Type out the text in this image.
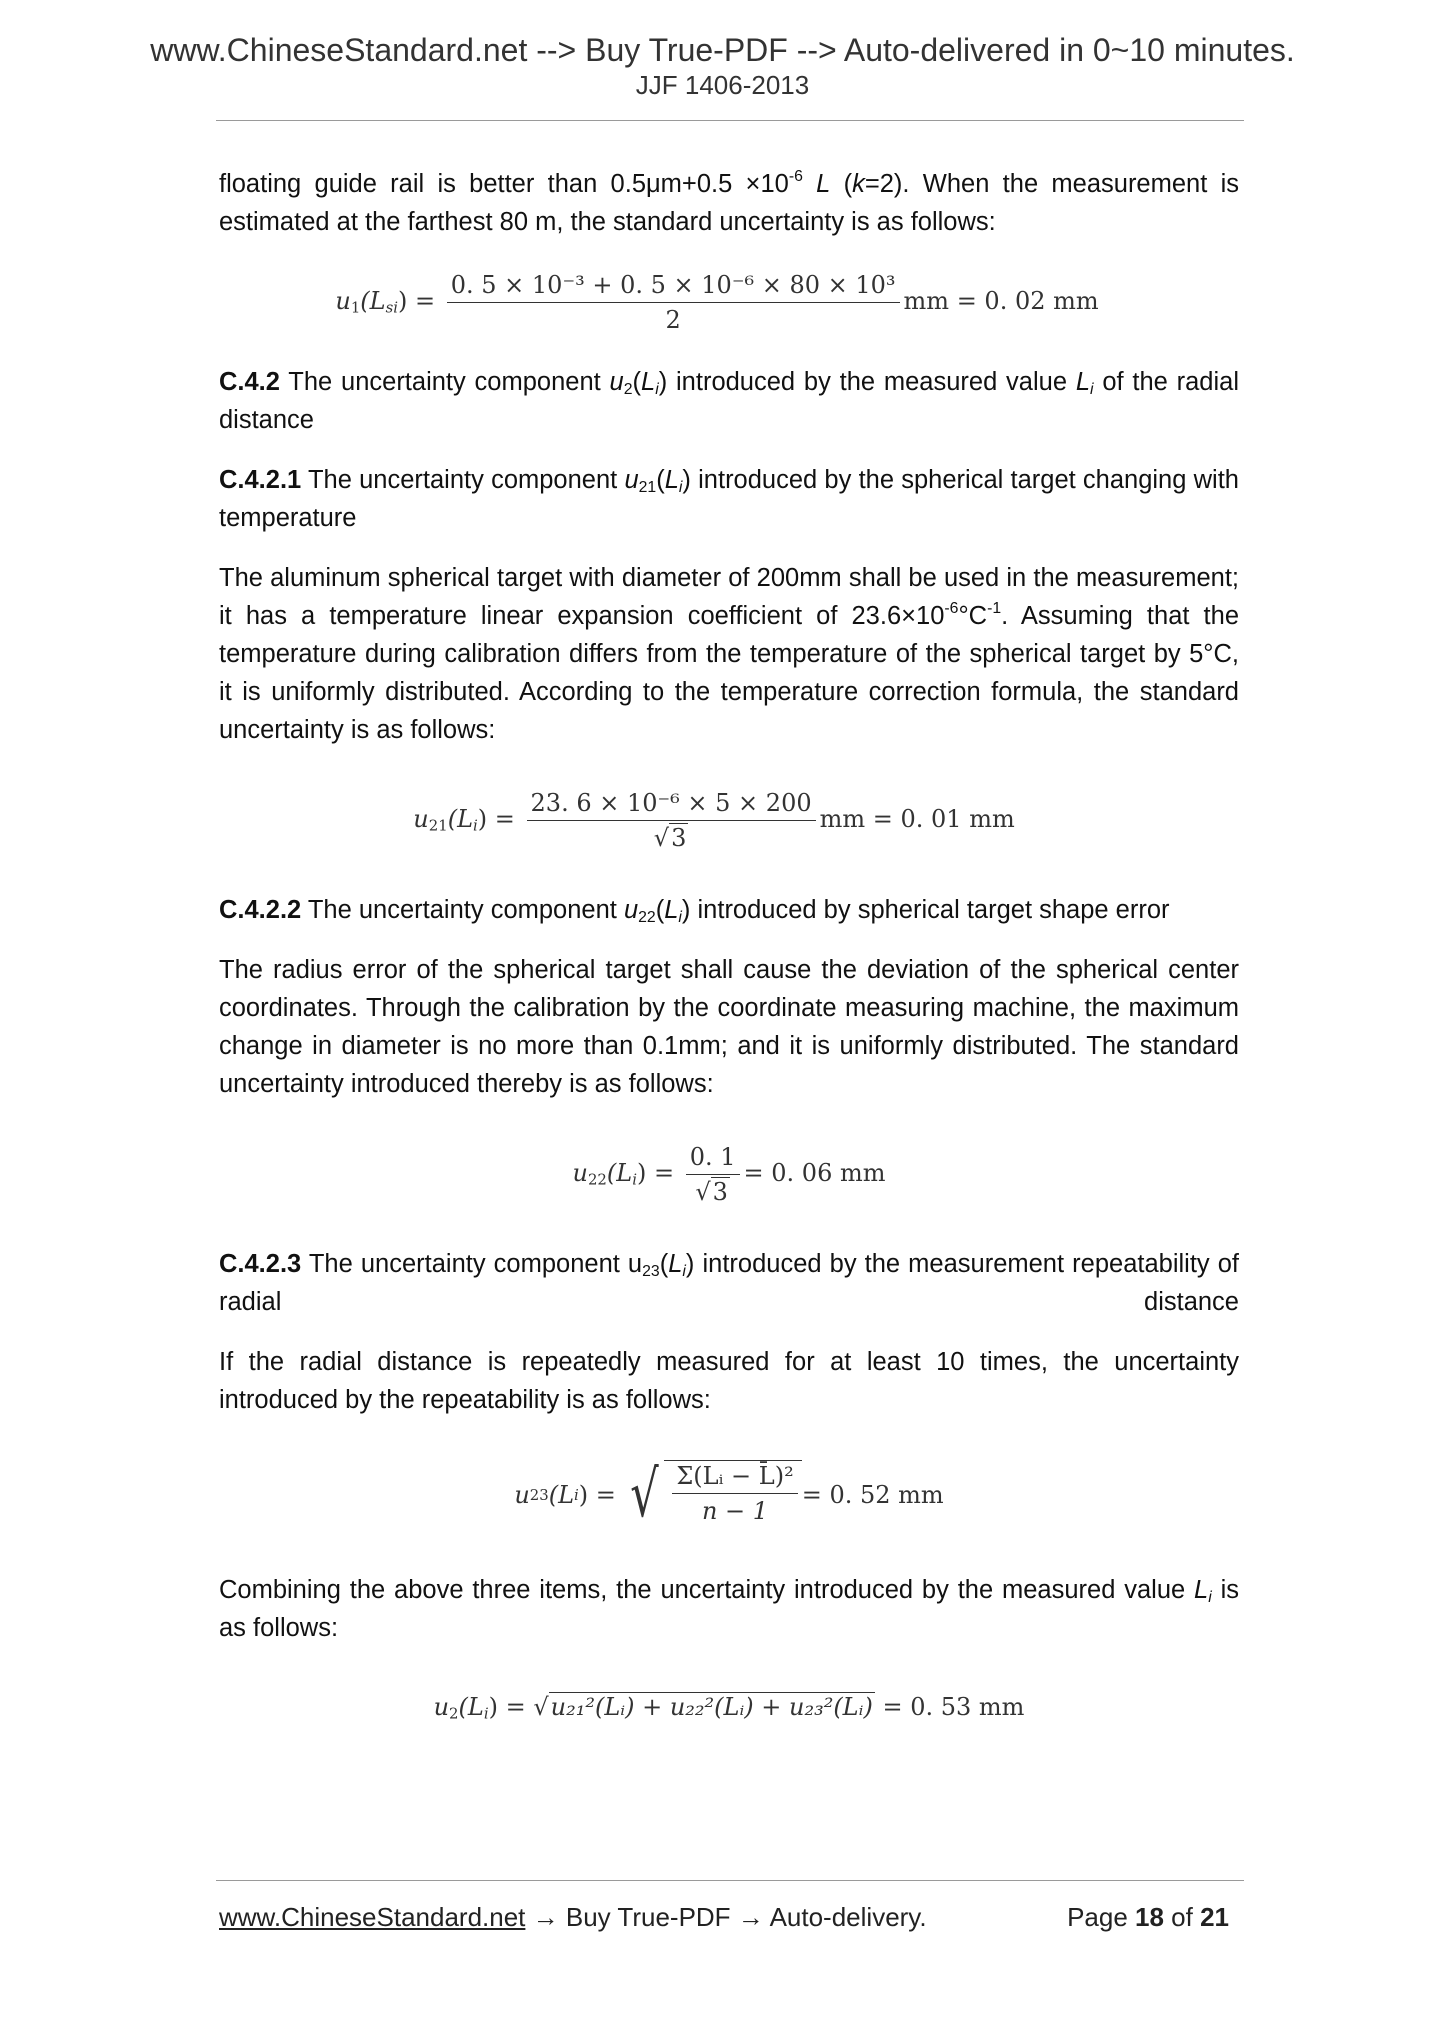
www.ChineseStandard.net --> Buy True-PDF --> Auto-delivered in 0~10 minutes.
JJF 1406-2013

floating guide rail is better than $0.5\mu m+0.5 \times 10^{-6}$ L (k=2). When the measurement is estimated at the farthest 80 m, the standard uncertainty is as follows:

$u_1(L_{si}) = \frac{\text{0. 5 × 10⁻³ + 0. 5 × 10⁻⁶ × 80 × 10³}}{2}$ mm = 0. 02 mm

C.4.2 The uncertainty component $u_2(L_i)$ introduced by the measured value $L_i$ of the radial distance

C.4.2.1 The uncertainty component $u_{21}(L_i)$ introduced by the spherical target changing with temperature

The aluminum spherical target with diameter of 200mm shall be used in the measurement; it has a temperature linear expansion coefficient of $23.6\times 10^{-6}^\circ C^{-1}$. Assuming that the temperature during calibration differs from the temperature of the spherical target by 5°C, it is uniformly distributed. According to the temperature correction formula, the standard uncertainty is as follows:

$u_{21}(L_i) = \frac{\text{23. 6 × 10⁻⁶ × 5 × 200}}{√3}$ mm = 0. 01 mm

C.4.2.2 The uncertainty component $u_{22}(L_i)$ introduced by spherical target shape error

The radius error of the spherical target shall cause the deviation of the spherical center coordinates. Through the calibration by the coordinate measuring machine, the maximum change in diameter is no more than 0.1mm; and it is uniformly distributed. The standard uncertainty introduced thereby is as follows:

$u_{22}(L_i) = \frac{0. 1}{√3} = 0$. 06 mm

C.4.2.3 The uncertainty component $u_{23}(L_i)$ introduced by the measurement repeatability of radial distance

If the radial distance is repeatedly measured for at least 10 times, the uncertainty introduced by the repeatability is as follows:

u 23 (L i ) = √ $\frac{\text{Σ(Lᵢ − L̄)²}}{n - 1} = 0$. 52 mm

Combining the above three items, the uncertainty introduced by the measured value $L_i$ is as follows:

$u_2(L_i)$ = √u₂₁²(Lᵢ) + u₂₂²(Lᵢ) + u₂₃²(Lᵢ) = 0. 53 mm
www.ChineseStandard.net → Buy True-PDF → Auto-delivery.	Page 18 of 21
